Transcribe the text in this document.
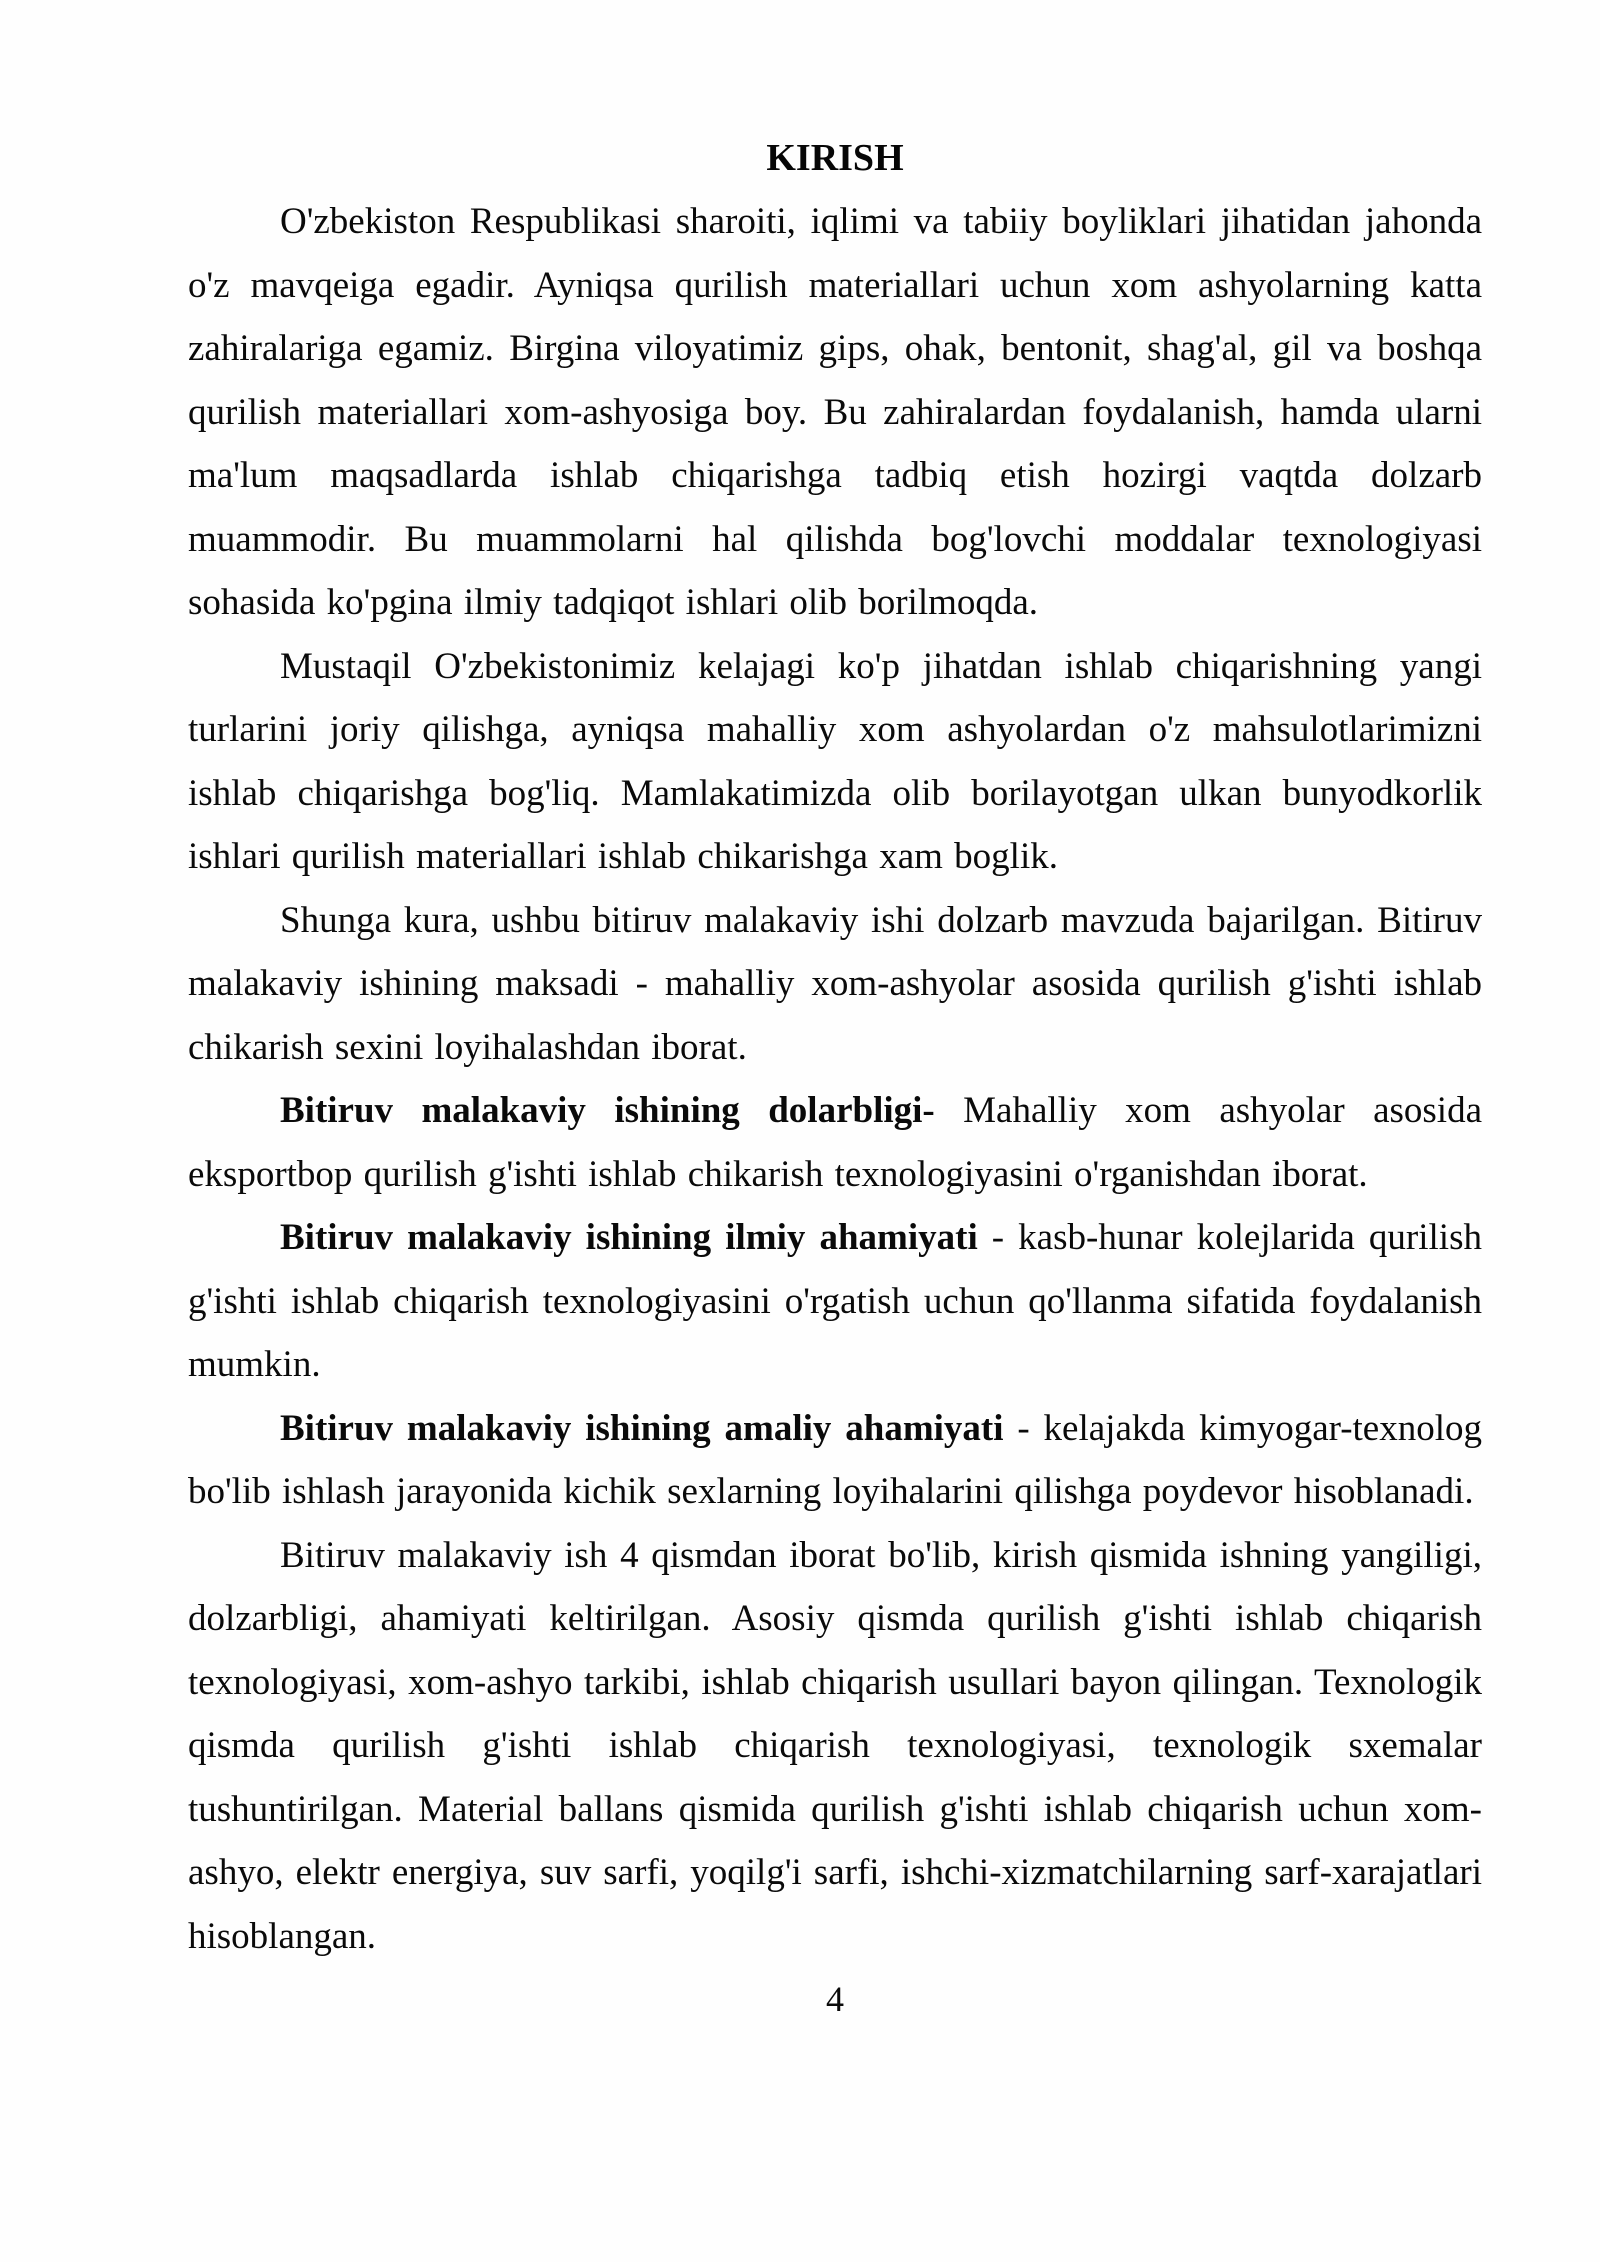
KIRISH

O'zbekiston Respublikasi sharoiti, iqlimi va tabiiy boyliklari jihatidan jahonda o'z mavqeiga egadir. Ayniqsa qurilish materiallari uchun xom ashyolarning katta zahiralariga egamiz. Birgina viloyatimiz gips, ohak, bentonit, shag'al, gil va boshqa qurilish materiallari xom-ashyosiga boy. Bu zahiralardan foydalanish, hamda ularni ma'lum maqsadlarda ishlab chiqarishga tadbiq etish hozirgi vaqtda dolzarb muammodir. Bu muammolarni hal qilishda bog'lovchi moddalar texnologiyasi sohasida ko'pgina ilmiy tadqiqot ishlari olib borilmoqda.

Mustaqil O'zbekistonimiz kelajagi ko'p jihatdan ishlab chiqarishning yangi turlarini joriy qilishga, ayniqsa mahalliy xom ashyolardan o'z mahsulotlarimizni ishlab chiqarishga bog'liq. Mamlakatimizda olib borilayotgan ulkan bunyodkorlik ishlari qurilish materiallari ishlab chikarishga xam boglik.

Shunga kura, ushbu bitiruv malakaviy ishi dolzarb mavzuda bajarilgan. Bitiruv malakaviy ishining maksadi - mahalliy xom-ashyolar asosida qurilish g'ishti ishlab chikarish sexini loyihalashdan iborat.

Bitiruv malakaviy ishining dolarbligi- Mahalliy xom ashyolar asosida eksportbop qurilish g'ishti ishlab chikarish texnologiyasini o'rganishdan iborat.

Bitiruv malakaviy ishining ilmiy ahamiyati - kasb-hunar kolejlarida qurilish g'ishti ishlab chiqarish texnologiyasini o'rgatish uchun qo'llanma sifatida foydalanish mumkin.

Bitiruv malakaviy ishining amaliy ahamiyati - kelajakda kimyogar-texnolog bo'lib ishlash jarayonida kichik sexlarning loyihalarini qilishga poydevor hisoblanadi.

Bitiruv malakaviy ish 4 qismdan iborat bo'lib, kirish qismida ishning yangiligi, dolzarbligi, ahamiyati keltirilgan. Asosiy qismda qurilish g'ishti ishlab chiqarish texnologiyasi, xom-ashyo tarkibi, ishlab chiqarish usullari bayon qilingan. Texnologik qismda qurilish g'ishti ishlab chiqarish texnologiyasi, texnologik sxemalar tushuntirilgan. Material ballans qismida qurilish g'ishti ishlab chiqarish uchun xom-ashyo, elektr energiya, suv sarfi, yoqilg'i sarfi, ishchi-xizmatchilarning sarf-xarajatlari hisoblangan.

4
